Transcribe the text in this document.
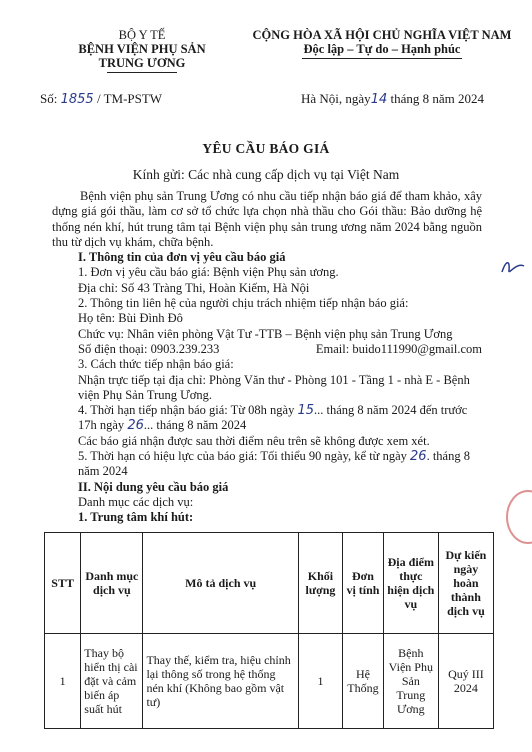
BỘ Y TẾ
BỆNH VIỆN PHỤ SẢN
TRUNG ƯƠNG
CỘNG HÒA XÃ HỘI CHỦ NGHĨA VIỆT NAM
Độc lập – Tự do – Hạnh phúc
Số: 1855 / TM-PSTW	Hà Nội, ngày14 tháng 8 năm 2024
YÊU CẦU BÁO GIÁ
Kính gửi: Các nhà cung cấp dịch vụ tại Việt Nam

Bệnh viện phụ sản Trung Ương có nhu cầu tiếp nhận báo giá để tham khảo, xây dựng giá gói thầu, làm cơ sở tổ chức lựa chọn nhà thầu cho Gói thầu: Bảo dưỡng hệ thống nén khí, hút trung tâm tại Bệnh viện phụ sản trung ương năm 2024 bằng nguồn thu từ dịch vụ khám, chữa bệnh.

I. Thông tin của đơn vị yêu cầu báo giá

1. Đơn vị yêu cầu báo giá: Bệnh viện Phụ sản ương.

Địa chỉ: Số 43 Tràng Thi, Hoàn Kiếm, Hà Nội

2. Thông tin liên hệ của người chịu trách nhiệm tiếp nhận báo giá:

Họ tên: Bùi Đình Đô

Chức vụ: Nhân viên phòng Vật Tư -TTB – Bệnh viện phụ sản Trung Ương

Số điện thoại: 0903.239.233	Email: buido111990@gmail.com

3. Cách thức tiếp nhận báo giá:

Nhận trực tiếp tại địa chỉ: Phòng Văn thư - Phòng 101 - Tầng 1 - nhà E - Bệnh viện Phụ Sản Trung Ương.

4. Thời hạn tiếp nhận báo giá: Từ 08h ngày 15... tháng 8 năm 2024 đến trước 17h ngày 26... tháng 8 năm 2024

Các báo giá nhận được sau thời điểm nêu trên sẽ không được xem xét.

5. Thời hạn có hiệu lực của báo giá: Tối thiểu 90 ngày, kể từ ngày 26. tháng 8 năm 2024

II. Nội dung yêu cầu báo giá

Danh mục các dịch vụ:

1. Trung tâm khí hút:

STT	Danh mục dịch vụ	Mô tả dịch vụ	Khối lượng	Đơn vị tính	Địa điểm thực hiện dịch vụ	Dự kiến ngày hoàn thành dịch vụ
1	Thay bộ hiển thị cài đặt và cảm biến áp suất hút	Thay thế, kiểm tra, hiệu chỉnh lại thông số trong hệ thống nén khí (Không bao gồm vật tư)	1	Hệ Thống	Bệnh Viện Phụ Sản Trung Ương	Quý III 2024
